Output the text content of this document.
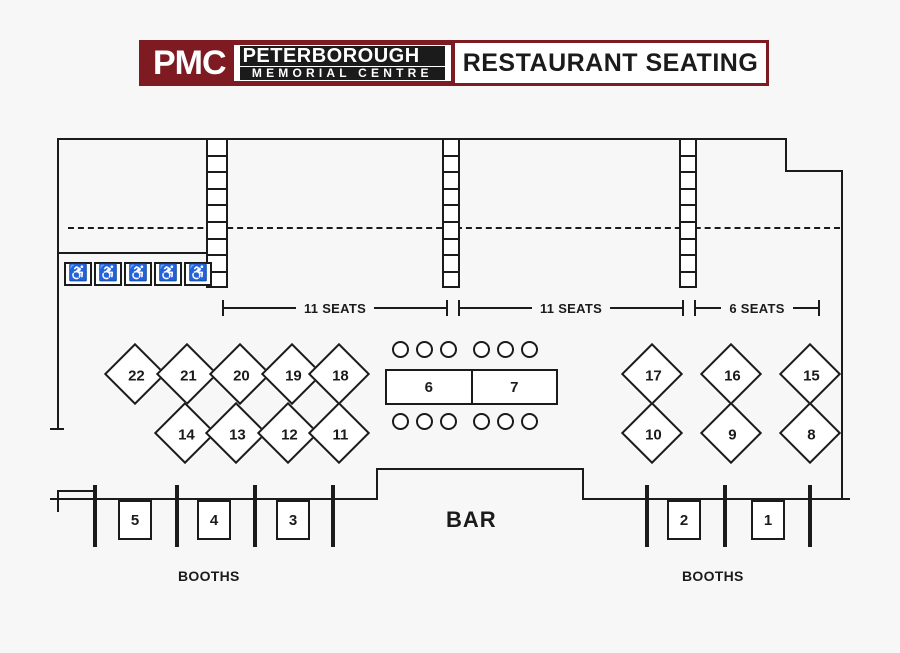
PMC PETERBOROUGH
MEMORIAL CENTRE	RESTAURANT SEATING
♿ ♿ ♿ ♿ ♿
11 SEATS	11 SEATS	6 SEATS
22	21	20	19	18
14	13	12	11
6	7
17	16	15
10	9	8
5	4	3
BOOTHS
BAR	2	1
BOOTHS
